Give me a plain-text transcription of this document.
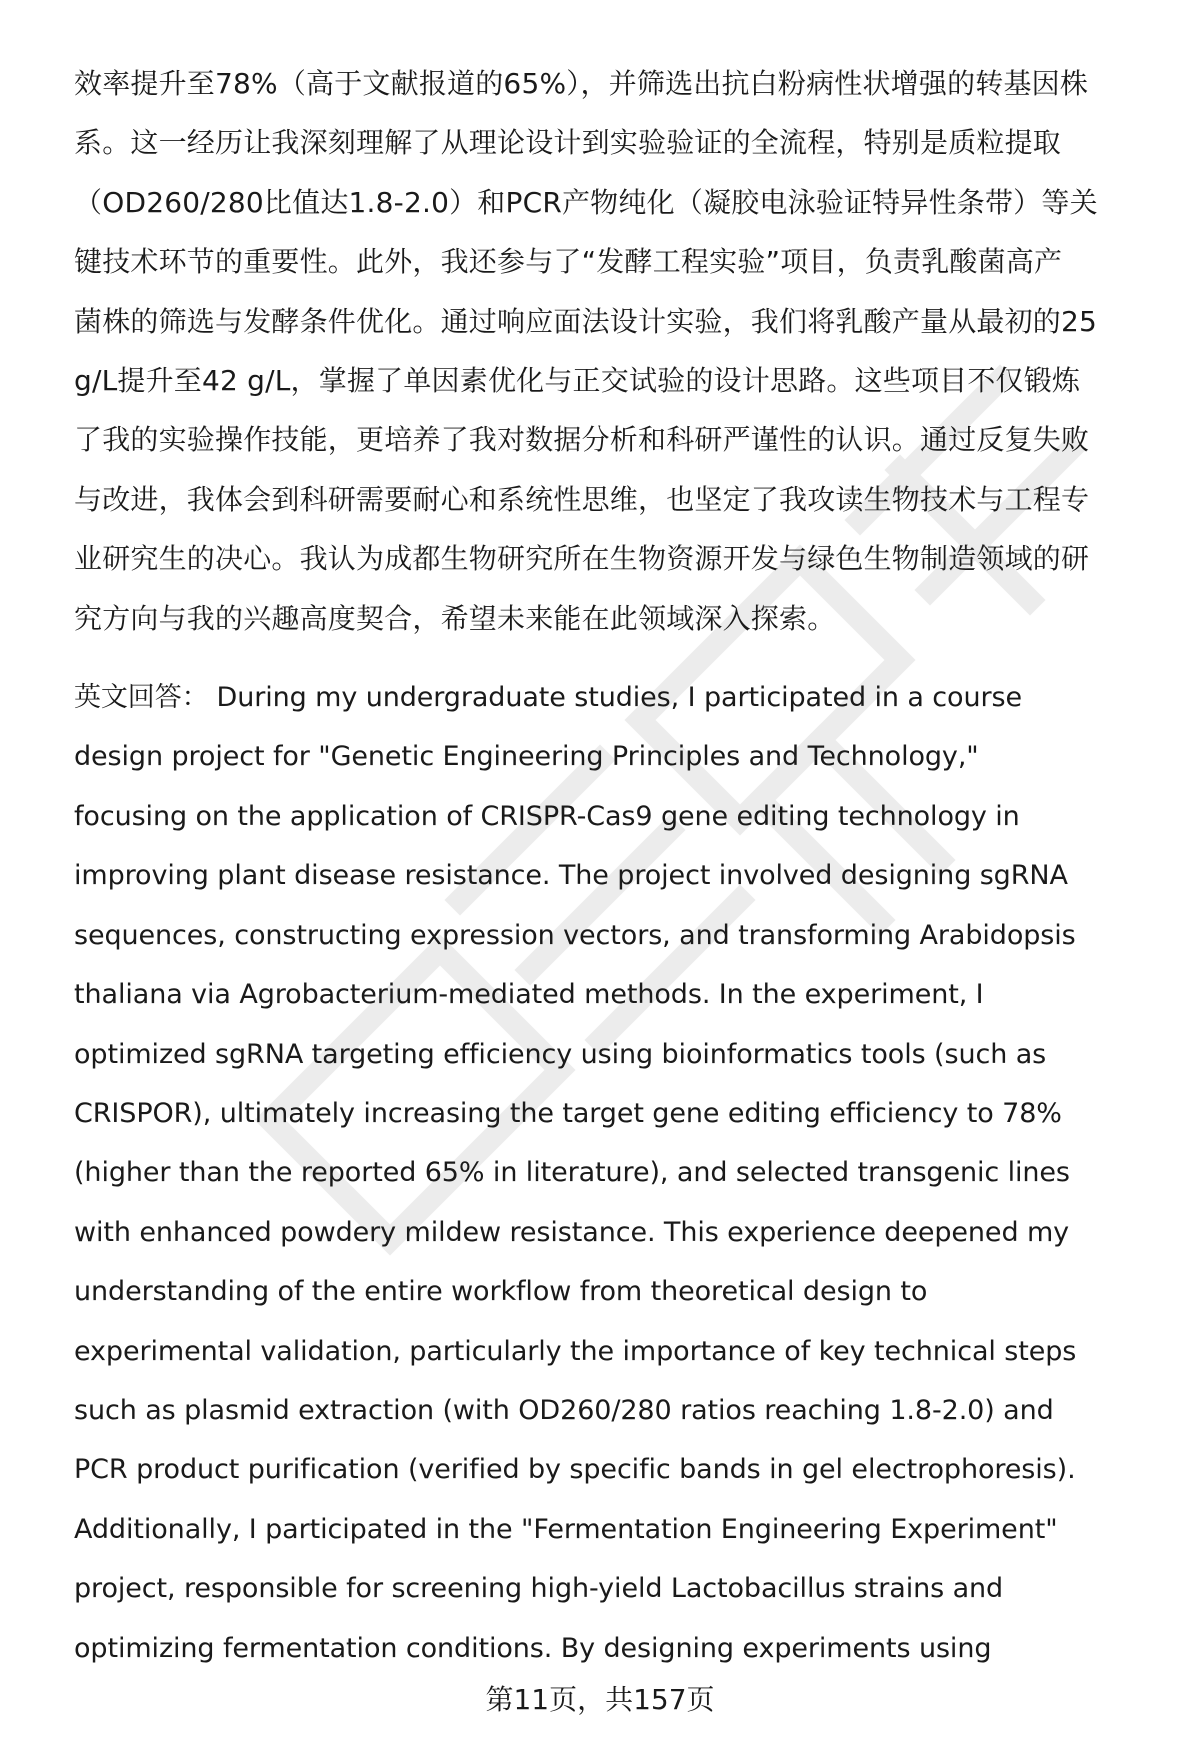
效率提升至78%（高于文献报道的65%），并筛选出抗白粉病性状增强的转基因株
系。这一经历让我深刻理解了从理论设计到实验验证的全流程，特别是质粒提取
（OD260/280比值达1.8-2.0）和PCR产物纯化（凝胶电泳验证特异性条带）等关
键技术环节的重要性。此外，我还参与了“发酵工程实验”项目，负责乳酸菌高产
菌株的筛选与发酵条件优化。通过响应面法设计实验，我们将乳酸产量从最初的25
g/L提升至42 g/L，掌握了单因素优化与正交试验的设计思路。这些项目不仅锻炼
了我的实验操作技能，更培养了我对数据分析和科研严谨性的认识。通过反复失败
与改进，我体会到科研需要耐心和系统性思维，也坚定了我攻读生物技术与工程专
业研究生的决心。我认为成都生物研究所在生物资源开发与绿色生物制造领域的研
究方向与我的兴趣高度契合，希望未来能在此领域深入探索。
英文回答： During my undergraduate studies, I participated in a course
design project for "Genetic Engineering Principles and Technology,"
focusing on the application of CRISPR-Cas9 gene editing technology in
improving plant disease resistance. The project involved designing sgRNA
sequences, constructing expression vectors, and transforming Arabidopsis
thaliana via Agrobacterium-mediated methods. In the experiment, I
optimized sgRNA targeting efficiency using bioinformatics tools (such as
CRISPOR), ultimately increasing the target gene editing efficiency to 78%
(higher than the reported 65% in literature), and selected transgenic lines
with enhanced powdery mildew resistance. This experience deepened my
understanding of the entire workflow from theoretical design to
experimental validation, particularly the importance of key technical steps
such as plasmid extraction (with OD260/280 ratios reaching 1.8-2.0) and
PCR product purification (verified by specific bands in gel electrophoresis).
Additionally, I participated in the "Fermentation Engineering Experiment"
project, responsible for screening high-yield Lactobacillus strains and
optimizing fermentation conditions. By designing experiments using
第11页，共157页
